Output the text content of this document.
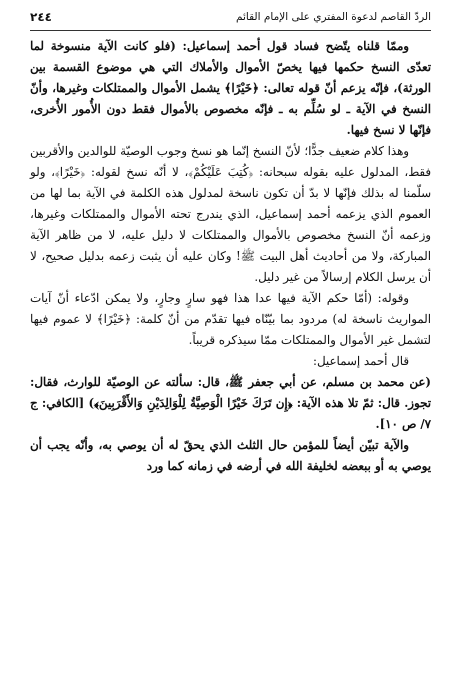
الردّ القاصم لدعوة المفتري على الإمام القائم
٢٤٤

وممّا قلناه يتّضح فساد قول أحمد إسماعيل: (فلو كانت الآية منسوخة لما تعدّى النسخ حكمها فيها يخصّ الأموال والأملاك التي هي موضوع القسمة بين الورثة)، فإنّه يزعم أنّ قوله تعالى: ﴿خَيْرًا﴾ يشمل الأموال والممتلكات وغيرها، وأنّ النسخ في الآية ـ لو سُلِّم به ـ فإنّه مخصوص بالأموال فقط دون الأُمور الأُخرى، فإنّها لا نسخ فيها.

وهذا كلام ضعيف جدًّا؛ لأنّ النسخ إنّما هو نسخ وجوب الوصيّة للوالدين والأقربين فقط، المدلول عليه بقوله سبحانه: ﴿كُتِبَ عَلَيْكُمْ﴾، لا أنّه نسخ لقوله: ﴿خَيْرًا﴾، ولو سلّمنا له بذلك فإنّها لا بدّ أن تكون ناسخة لمدلول هذه الكلمة في الآية بما لها من العموم الذي يزعمه أحمد إسماعيل، الذي يندرج تحته الأموال والممتلكات وغيرها، وزعمه أنّ النسخ مخصوص بالأموال والممتلكات لا دليل عليه، لا من ظاهر الآية المباركة، ولا من أحاديث أهل البيت ﷺ! وكان عليه أن يثبت زعمه بدليل صحيح، لا أن يرسل الكلام إرسالاً من غير دليل.

وقوله: (أمّا حكم الآية فيها عدا هذا فهو سارٍ وجارٍ، ولا يمكن ادّعاء أنّ آيات المواريث ناسخة له) مردود بما بيّنّاه فيها تقدّم من أنّ كلمة: ﴿خَيْرًا﴾ لا عموم فيها لتشمل غير الأموال والممتلكات ممّا سيذكره قريباً.

قال أحمد إسماعيل:

(عن محمد بن مسلم، عن أبي جعفر ﷺ، قال: سألته عن الوصيّة للوارث، فقال: تجوز. قال: ثمّ تلا هذه الآية: ﴿إِن تَرَكَ خَيْرًا الْوَصِيَّةُ لِلْوَالِدَيْنِ وَالأَقْرَبِينَ﴾) [الكافي: ج ٧/ ص ١٠].

والآية تبيّن أيضاً للمؤمن حال الثلث الذي يحقّ له أن يوصي به، وأنّه يجب أن يوصي به أو ببعضه لخليفة الله في أرضه في زمانه كما ورد
